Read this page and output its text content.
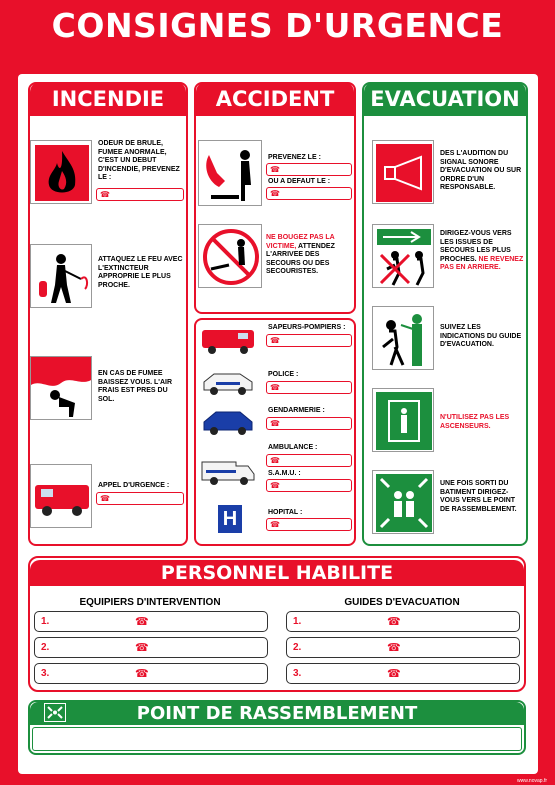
CONSIGNES D'URGENCE
INCENDIE	ACCIDENT	EVACUATION
ODEUR DE BRULE, FUMEE ANORMALE, C'EST UN DEBUT D'INCENDIE, PREVENEZ LE :
☎
ATTAQUEZ LE FEU AVEC L'EXTINCTEUR APPROPRIE LE PLUS PROCHE.
EN CAS DE FUMEE BAISSEZ VOUS. L'AIR FRAIS EST PRES DU SOL.
APPEL D'URGENCE :
☎
PREVENEZ LE :
☎
OU A DEFAUT LE :
☎
NE BOUGEZ PAS LA VICTIME, ATTENDEZ L'ARRIVEE DES SECOURS OU DES SECOURISTES.
SAPEURS-POMPIERS :
☎
POLICE :
☎
GENDARMERIE :
☎
AMBULANCE :
☎
S.A.M.U. :
☎
H	HOPITAL :
☎
DES L'AUDITION DU SIGNAL SONORE D'EVACUATION OU SUR ORDRE D'UN RESPONSABLE.
DIRIGEZ-VOUS VERS LES ISSUES DE SECOURS LES PLUS PROCHES. NE REVENEZ PAS EN ARRIERE.
SUIVEZ LES INDICATIONS DU GUIDE D'EVACUATION.
N'UTILISEZ PAS LES ASCENSEURS.
UNE FOIS SORTI DU BATIMENT DIRIGEZ-VOUS VERS LE POINT DE RASSEMBLEMENT.
PERSONNEL HABILITE
EQUIPIERS D'INTERVENTION	GUIDES D'EVACUATION
1.	☎
2.	☎
3.	☎
1.	☎
2.	☎
3.	☎
POINT DE RASSEMBLEMENT
www.novap.fr
